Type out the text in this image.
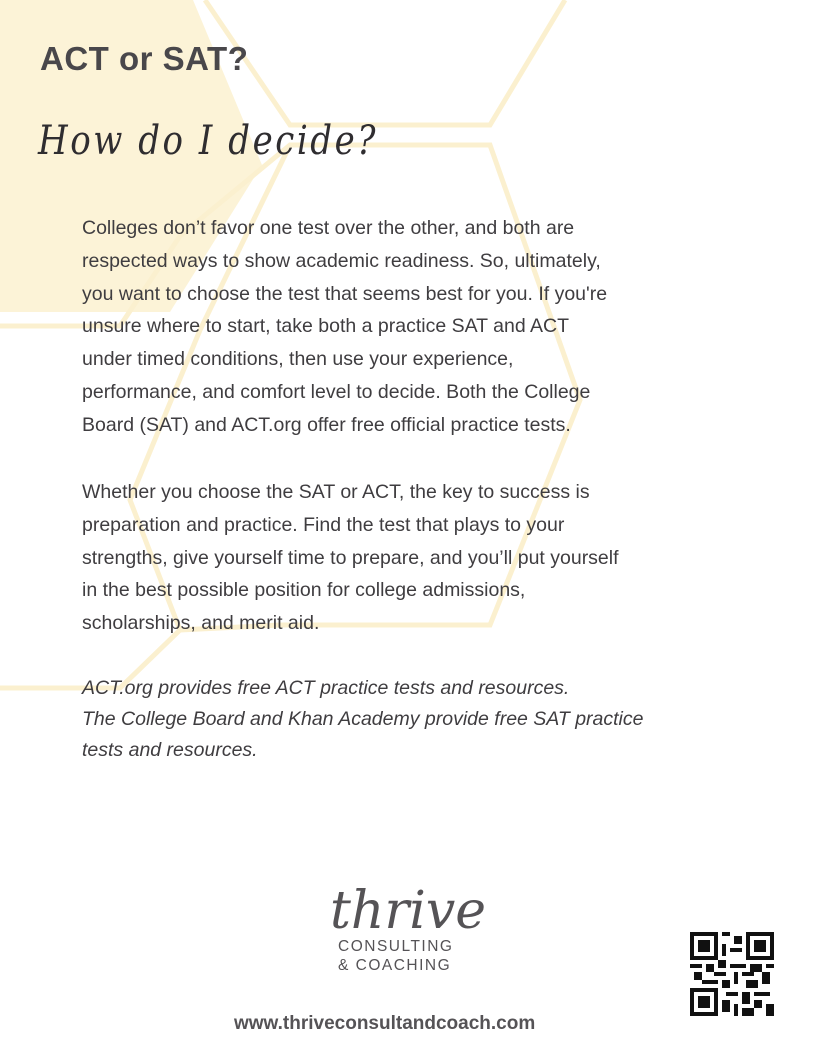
ACT or SAT?
How do I decide?

Colleges don’t favor one test over the other, and both are
respected ways to show academic readiness. So, ultimately,
you want to choose the test that seems best for you. If you're
unsure where to start, take both a practice SAT and ACT
under timed conditions, then use your experience,
performance, and comfort level to decide. Both the College
Board (SAT) and ACT.org offer free official practice tests.

Whether you choose the SAT or ACT, the key to success is
preparation and practice. Find the test that plays to your
strengths, give yourself time to prepare, and you’ll put yourself
in the best possible position for college admissions,
scholarships, and merit aid.

ACT.org provides free ACT practice tests and resources.
The College Board and Khan Academy provide free SAT practice
tests and resources.

thrive
CONSULTING
& COACHING
www.thriveconsultandcoach.com
